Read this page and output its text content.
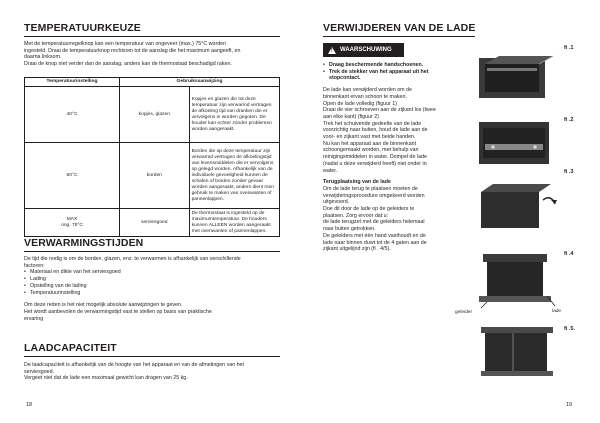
TEMPERATUURKEUZE

Met de temperatuurregelknop kan een temperatuur van ongeveer (max.) 75°C worden

ingesteld. Draai de temperatuurknop rechtsom tot de aanslag die het maximum aangeeft, en

daarna linksom.

Draai de knop niet verder dan de aanslag, anders kan de thermostaat beschadigd raken.

Temperatuurinstelling	Gebruiksaanwijzing	
40°C	kopjes, glazen	Kopjes en glazen die tot deze temperatuur zijn verwarmd vertragen de afkoeling tijd van dranken die er vervolgens in worden gegoten. De houder kan echter zonder problemen worden aangeraakt.
60°C	borden	Borden die op deze temperatuur zijn verwarmd vertragen de afkoelingstijd van levensmiddelen die er vervolgens op gelegd worden. Afhankelijk van de individuele gevoeligheid kunnen de schalen of borden zonder gevaar worden aangeraakt, anders dient men gebruik te maken van ovenwanten of pannenlappen.

MAX
ong. 75°C	serviesgoed	De thermostaat is ingesteld op de maximumtemperatuur. De houders kunnen ALLEEN worden aangeraakt met ovenwanten of pannenlappen.
VERWARMINGSTIJDEN

De tijd die nodig is om de borden, glazen, enz. te verwarmen is afhankelijk van verschillende

factoren:

• Materiaal en dikte van het serviesgoed
• Lading
• Opstelling van de lading
• Temperatuurinstelling

Om deze reden is het niet mogelijk absolute aanwijzingen te geven.

Het wordt aanbevolen de verwarmingstijd vast te stellen op basis van praktische

ervaring

LAADCAPACITEIT

De laadcapaciteit is afhankelijk van de hoogte van het apparaat en van de afmetingen van het

serviesgoed.

Vergeet niet dat de lade een maximaal gewicht kan dragen van 25 kg.

18
VERWIJDEREN VAN DE LADE
19
! WAARSCHUWING
• Draag beschermende handschoenen.
• Trek de stekker van het apparaat uit het stopcontact.

De lade kan verwijderd worden om de

binnenkant ervan schoon te maken.

Open de lade volledig (figuur 1)

Draai de vier schroeven aan de zijkant los (twee

aan elke kant) (figuur 2)

Trek het schuivende gedeelte van de lade

voorzichtig naar buiten, houd de lade aan de

voor- en zijkant vast met beide handen.

Nu kan het apparaat aan de binnenkant

schoongemaakt worden, met behulp van

reinigingsmiddelen in water. Dompel de lade

(nadat u deze verwijderd heeft) niet onder in

water.

Terugplaatsing van de lade

Om de lade terug te plaatsen moeten de

verwijderingsprocedure omgekeerd worden

uitgevoerd.

Doe dit door de lade op de geleiders te

plaatsen. Zorg ervoor dat u:

de lade terugzet met de geleiders helemaal

naar buiten getrokken.

De geleiders met één hand vasthoudt en de

lade naar binnen duwt tot de 4 gaten aan de

zijkant uitgelijnd zijn (fi . 4/5).

fi .1
fi .2
fi .3
fi .4
geleider	lade
fi .5.
